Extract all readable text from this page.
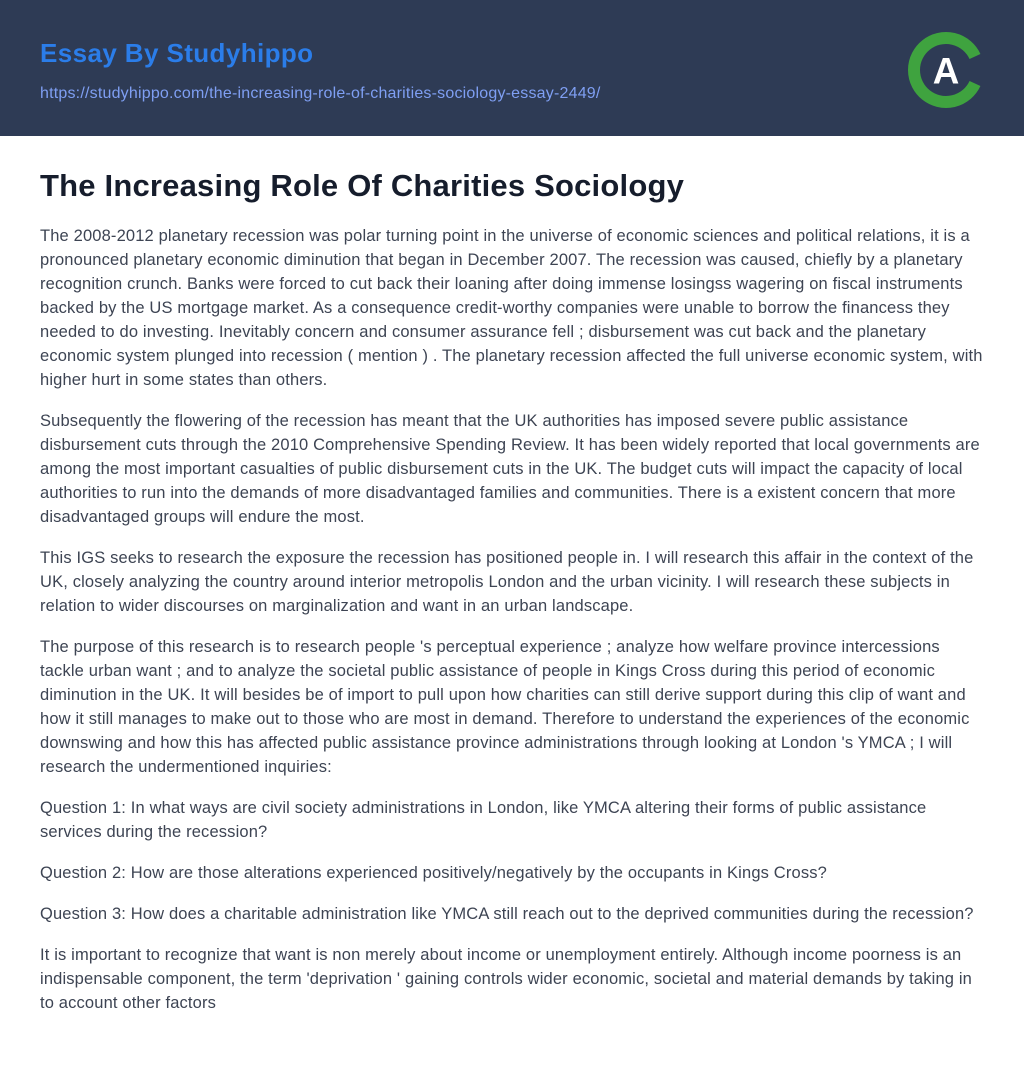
Essay By Studyhippo
https://studyhippo.com/the-increasing-role-of-charities-sociology-essay-2449/
A
The Increasing Role Of Charities Sociology

The 2008-2012 planetary recession was polar turning point in the universe of economic sciences and political relations, it is a pronounced planetary economic diminution that began in December 2007. The recession was caused, chiefly by a planetary recognition crunch. Banks were forced to cut back their loaning after doing immense losingss wagering on fiscal instruments backed by the US mortgage market. As a consequence credit-worthy companies were unable to borrow the financess they needed to do investing. Inevitably concern and consumer assurance fell ; disbursement was cut back and the planetary economic system plunged into recession ( mention ) . The planetary recession affected the full universe economic system, with higher hurt in some states than others.

Subsequently the flowering of the recession has meant that the UK authorities has imposed severe public assistance disbursement cuts through the 2010 Comprehensive Spending Review. It has been widely reported that local governments are among the most important casualties of public disbursement cuts in the UK. The budget cuts will impact the capacity of local authorities to run into the demands of more disadvantaged families and communities. There is a existent concern that more disadvantaged groups will endure the most.

This IGS seeks to research the exposure the recession has positioned people in. I will research this affair in the context of the UK, closely analyzing the country around interior metropolis London and the urban vicinity. I will research these subjects in relation to wider discourses on marginalization and want in an urban landscape.

The purpose of this research is to research people 's perceptual experience ; analyze how welfare province intercessions tackle urban want ; and to analyze the societal public assistance of people in Kings Cross during this period of economic diminution in the UK. It will besides be of import to pull upon how charities can still derive support during this clip of want and how it still manages to make out to those who are most in demand. Therefore to understand the experiences of the economic downswing and how this has affected public assistance province administrations through looking at London 's YMCA ; I will research the undermentioned inquiries:

Question 1: In what ways are civil society administrations in London, like YMCA altering their forms of public assistance services during the recession?

Question 2: How are those alterations experienced positively/negatively by the occupants in Kings Cross?

Question 3: How does a charitable administration like YMCA still reach out to the deprived communities during the recession?

It is important to recognize that want is non merely about income or unemployment entirely. Although income poorness is an indispensable component, the term 'deprivation ' gaining controls wider economic, societal and material demands by taking in to account other factors
